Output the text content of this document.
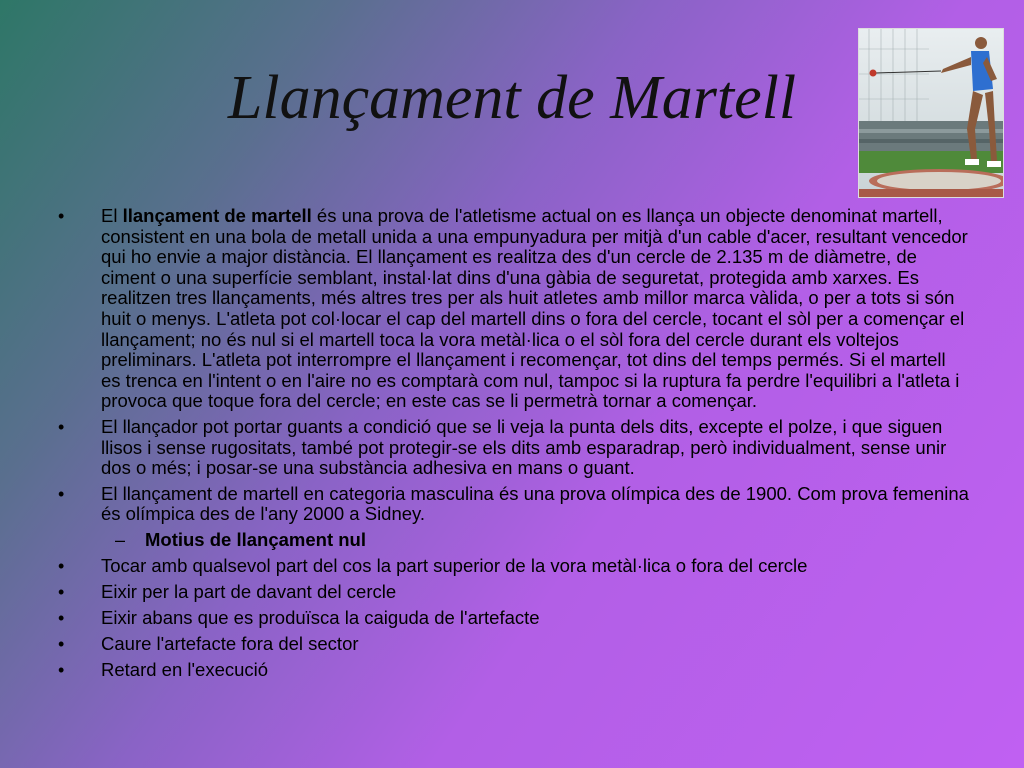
Llançament de Martell
• El llançament de martell és una prova de l'atletisme actual on es llança un objecte denominat martell, consistent en una bola de metall unida a una empunyadura per mitjà d'un cable d'acer, resultant vencedor qui ho envie a major distància. El llançament es realitza des d'un cercle de 2.135 m de diàmetre, de ciment o una superfície semblant, instal·lat dins d'una gàbia de seguretat, protegida amb xarxes. Es realitzen tres llançaments, més altres tres per als huit atletes amb millor marca vàlida, o per a tots si són huit o menys. L'atleta pot col·locar el cap del martell dins o fora del cercle, tocant el sòl per a començar el llançament; no és nul si el martell toca la vora metàl·lica o el sòl fora del cercle durant els voltejos preliminars. L'atleta pot interrompre el llançament i recomençar, tot dins del temps permés. Si el martell es trenca en l'intent o en l'aire no es comptarà com nul, tampoc si la ruptura fa perdre l'equilibri a l'atleta i provoca que toque fora del cercle; en este cas se li permetrà tornar a començar.
• El llançador pot portar guants a condició que se li veja la punta dels dits, excepte el polze, i que siguen llisos i sense rugositats, també pot protegir-se els dits amb esparadrap, però individualment, sense unir dos o més; i posar-se una substància adhesiva en mans o guant.
• El llançament de martell en categoria masculina és una prova olímpica des de 1900. Com prova femenina és olímpica des de l'any 2000 a Sidney.
– Motius de llançament nul
• Tocar amb qualsevol part del cos la part superior de la vora metàl·lica o fora del cercle
• Eixir per la part de davant del cercle
• Eixir abans que es produïsca la caiguda de l'artefacte
• Caure l'artefacte fora del sector
• Retard en l'execució
